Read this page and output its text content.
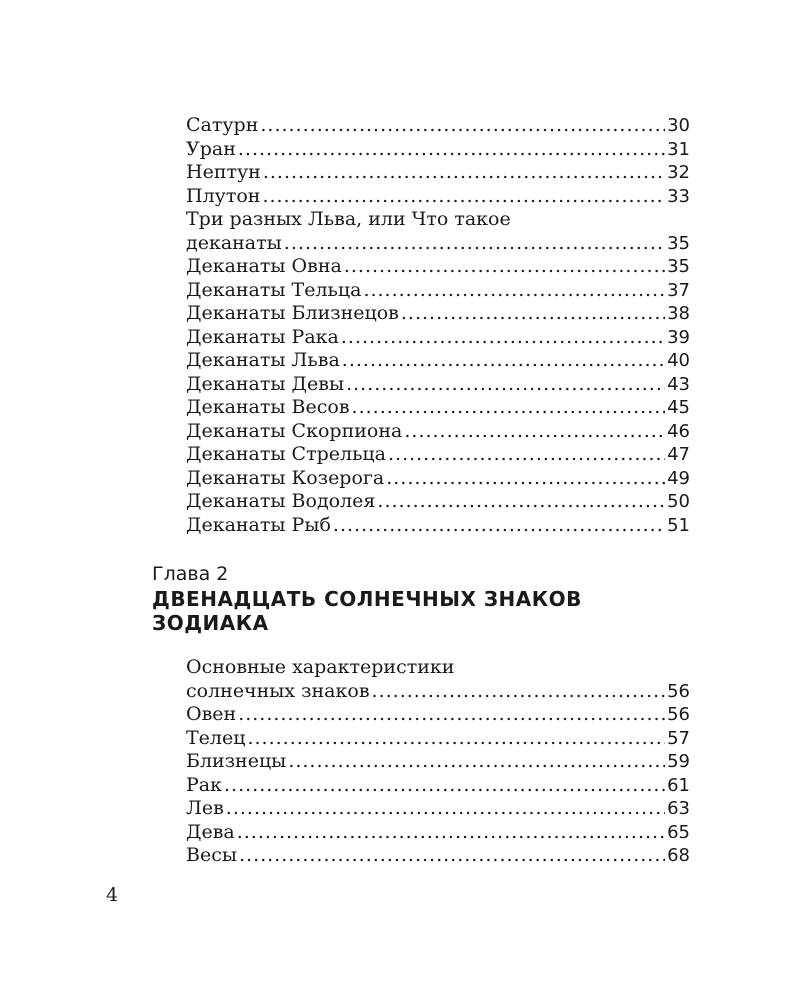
Сатурн .....	30
Уран .....	31
Нептун .....	32
Плутон .....	33
Три разных Льва, или Что такое
деканаты .....	35
Деканаты Овна .....	35
Деканаты Тельца .....	37
Деканаты Близнецов .....	38
Деканаты Рака .....	39
Деканаты Льва .....	40
Деканаты Девы .....	43
Деканаты Весов .....	45
Деканаты Скорпиона .....	46
Деканаты Стрельца .....	47
Деканаты Козерога .....	49
Деканаты Водолея .....	50
Деканаты Рыб .....	51
Глава 2
ДВЕНАДЦАТЬ СОЛНЕЧНЫХ ЗНАКОВ ЗОДИАКА
Основные характеристики
солнечных знаков .....	56
Овен .....	56
Телец .....	57
Близнецы .....	59
Рак .....	61
Лев .....	63
Дева .....	65
Весы .....	68
4
